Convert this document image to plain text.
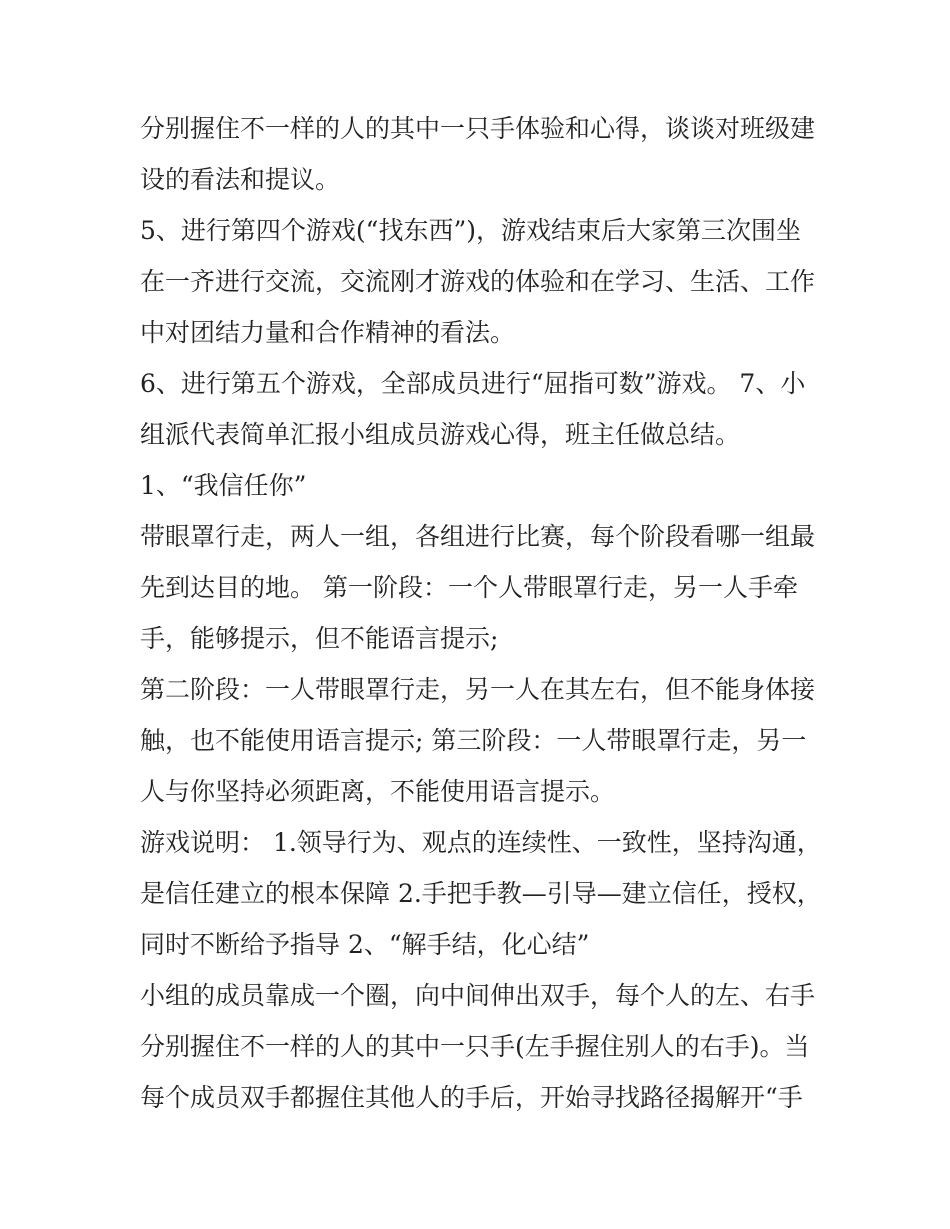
分别握住不一样的人的其中一只手体验和心得，谈谈对班级建
设的看法和提议。
5、进行第四个游戏(“找东西”)，游戏结束后大家第三次围坐
在一齐进行交流，交流刚才游戏的体验和在学习、生活、工作
中对团结力量和合作精神的看法。
6、进行第五个游戏，全部成员进行“屈指可数”游戏。 7、小
组派代表简单汇报小组成员游戏心得，班主任做总结。
1、“我信任你”
带眼罩行走，两人一组，各组进行比赛，每个阶段看哪一组最
先到达目的地。 第一阶段：一个人带眼罩行走，另一人手牵
手，能够提示，但不能语言提示;
第二阶段：一人带眼罩行走，另一人在其左右，但不能身体接
触，也不能使用语言提示; 第三阶段：一人带眼罩行走，另一
人与你坚持必须距离，不能使用语言提示。
游戏说明： 1.领导行为、观点的连续性、一致性，坚持沟通，
是信任建立的根本保障 2.手把手教—引导—建立信任，授权，
同时不断给予指导 2、“解手结，化心结”
小组的成员靠成一个圈，向中间伸出双手，每个人的左、右手
分别握住不一样的人的其中一只手(左手握住别人的右手)。当
每个成员双手都握住其他人的手后，开始寻找路径揭解开“手
